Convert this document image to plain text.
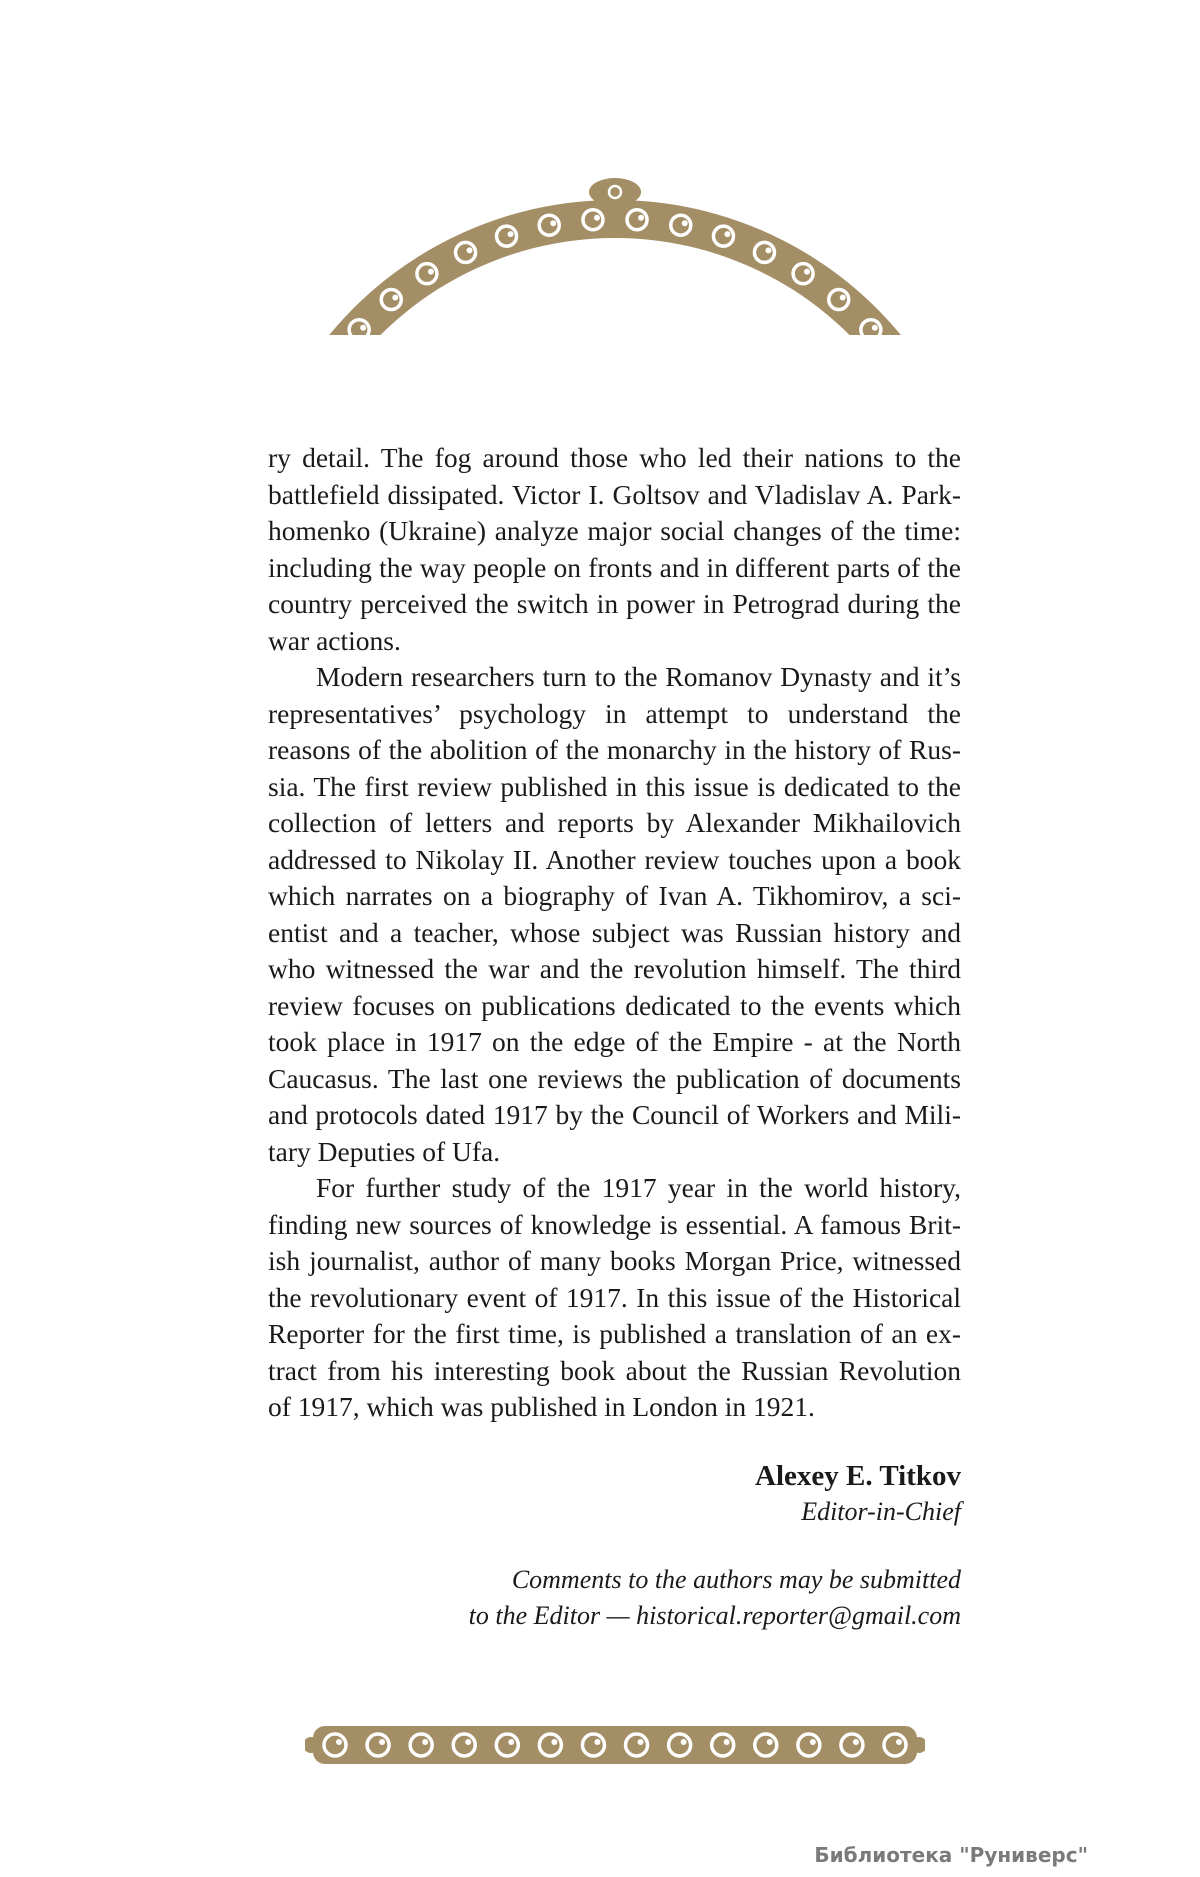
ry detail. The fog around those who led their nations to the battlefield dissipated. Victor I. Goltsov and Vladislav A. Park-homenko (Ukraine) analyze major social changes of the time: including the way people on fronts and in different parts of the country perceived the switch in power in Petrograd during the war actions.

Modern researchers turn to the Romanov Dynasty and it’s representatives’ psychology in attempt to understand the reasons of the abolition of the monarchy in the history of Rus-sia. The first review published in this issue is dedicated to the collection of letters and reports by Alexander Mikhailovich addressed to Nikolay II. Another review touches upon a book which narrates on a biography of Ivan A. Tikhomirov, a sci-entist and a teacher, whose subject was Russian history and who witnessed the war and the revolution himself. The third review focuses on publications dedicated to the events which took place in 1917 on the edge of the Empire - at the North Caucasus. The last one reviews the publication of documents and protocols dated 1917 by the Council of Workers and Mili-tary Deputies of Ufa.

For further study of the 1917 year in the world history, finding new sources of knowledge is essential. A famous Brit-ish journalist, author of many books Morgan Price, witnessed the revolutionary event of 1917. In this issue of the Historical Reporter for the first time, is published a translation of an ex-tract from his interesting book about the Russian Revolution of 1917, which was published in London in 1921.

Alexey E. Titkov
Editor-in-Chief
Comments to the authors may be submitted
to the Editor — historical.reporter@gmail.com
Библиотека "Руниверс"
